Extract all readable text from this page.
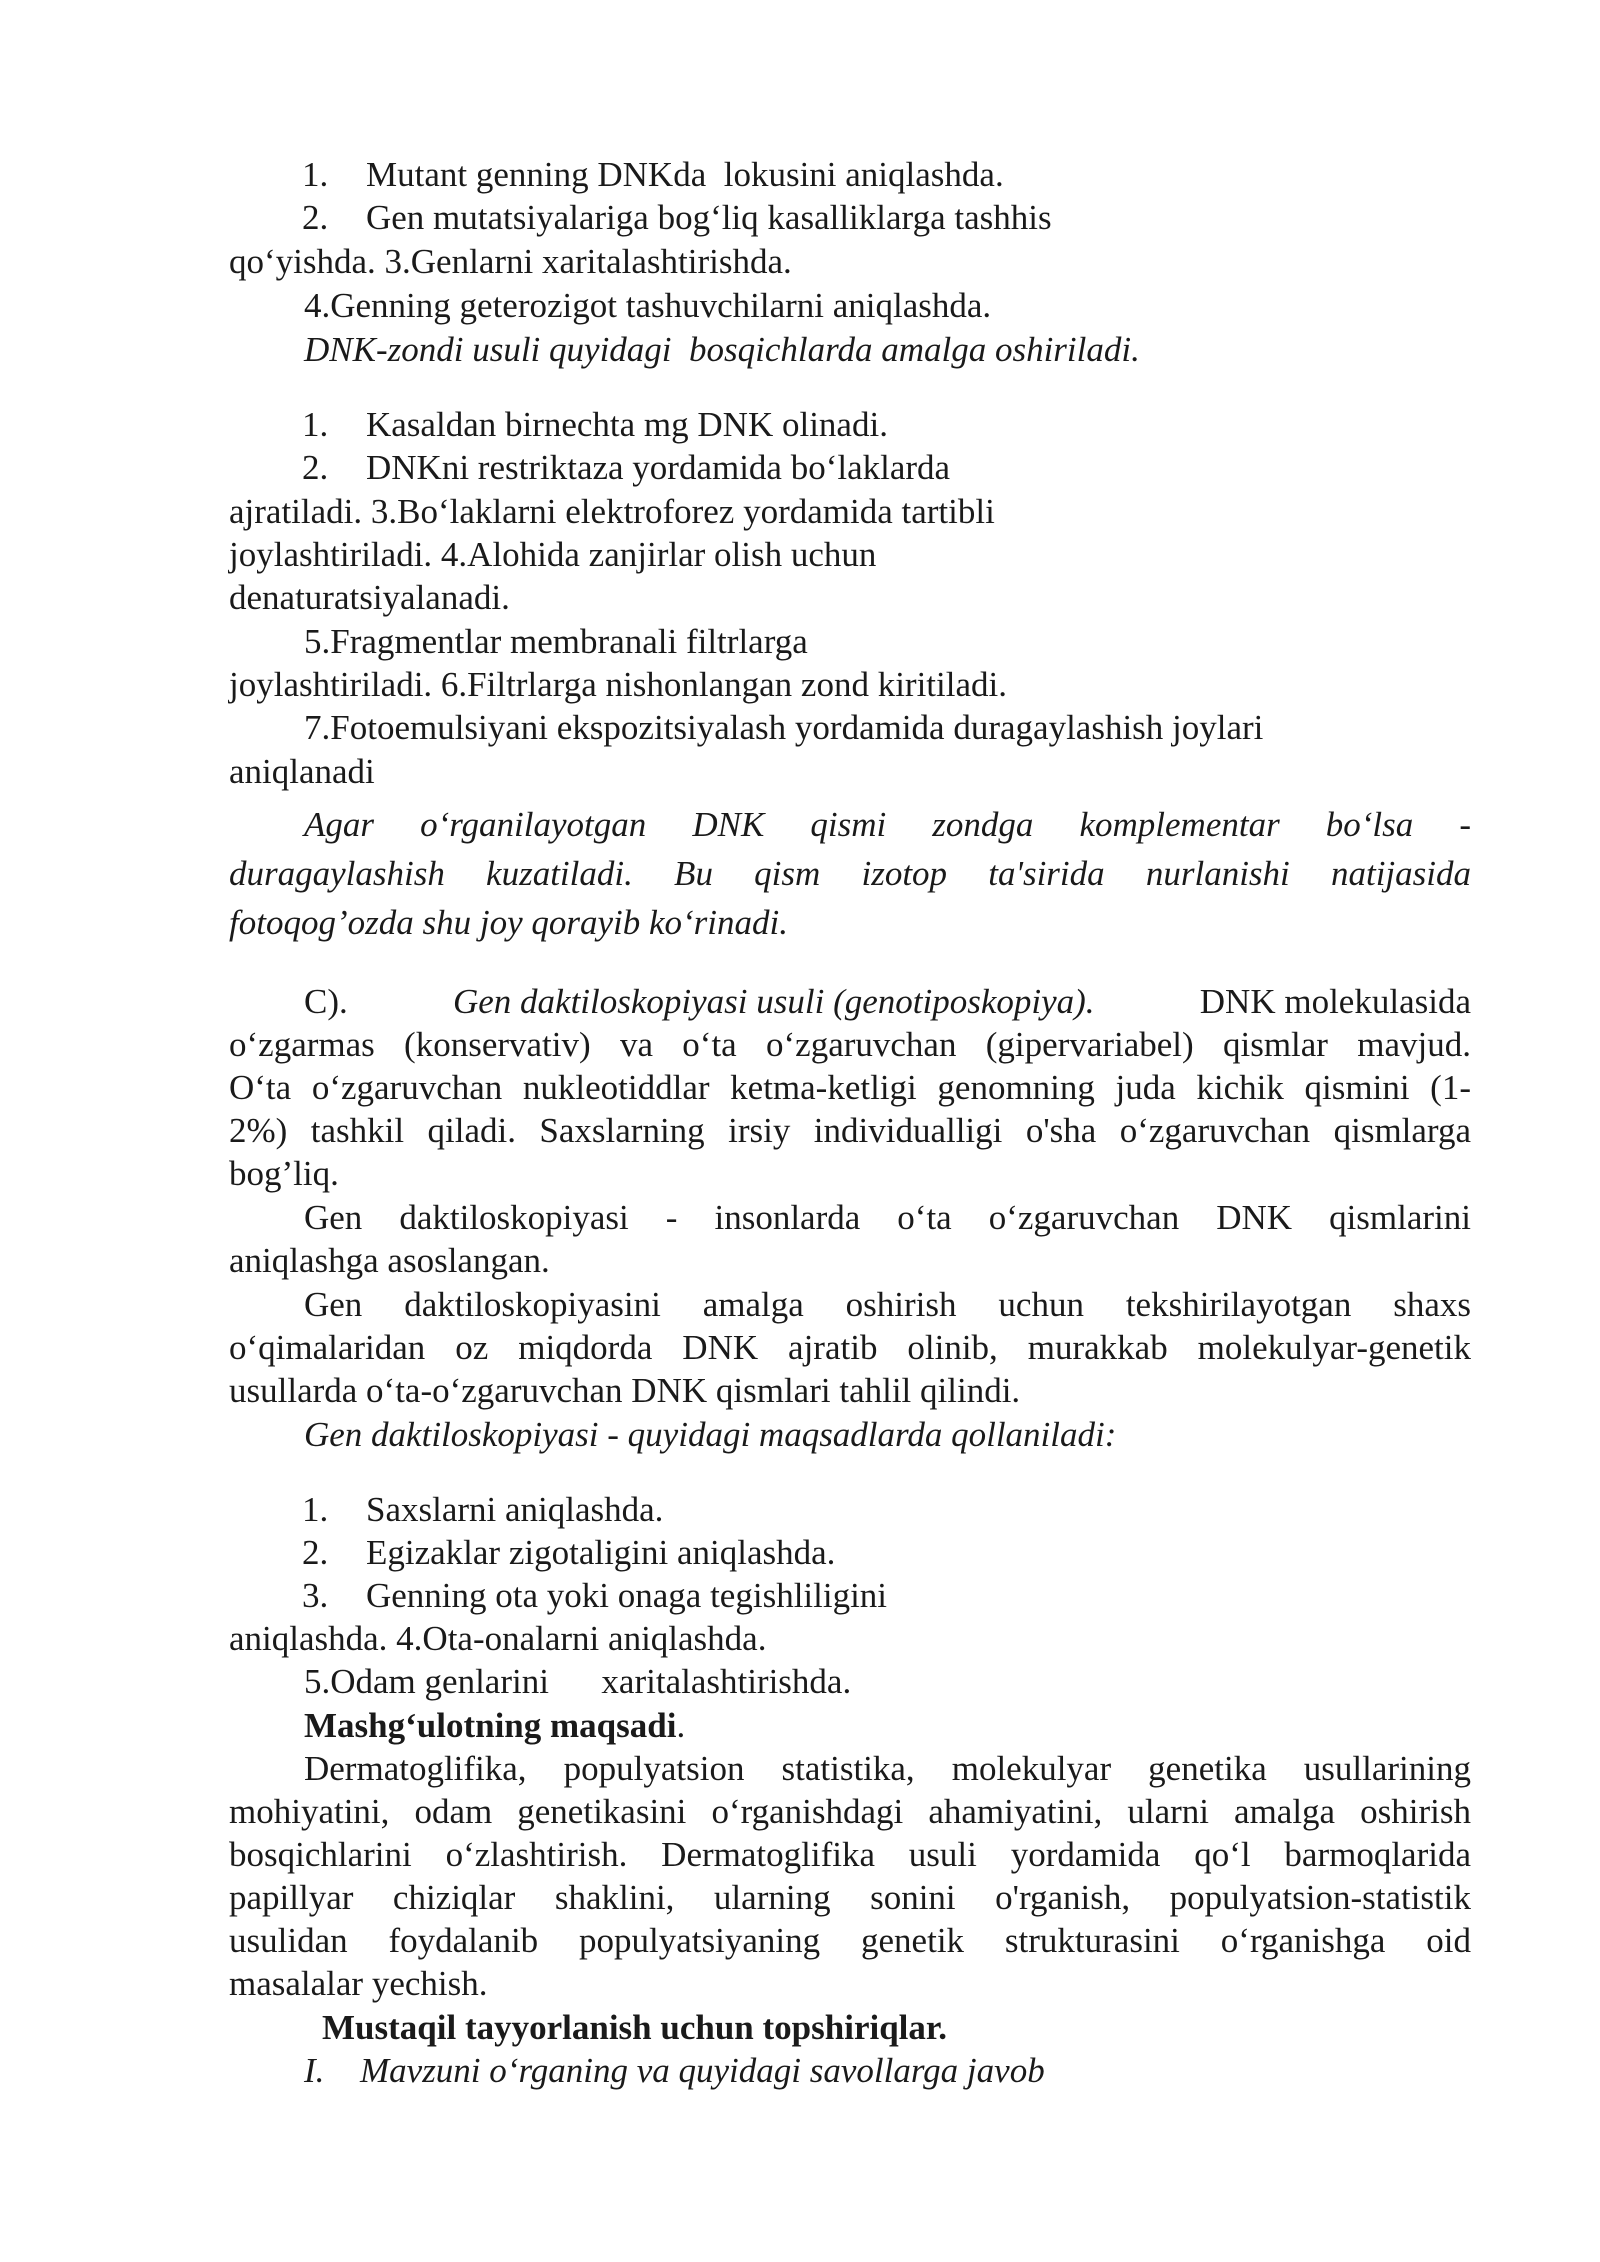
1. Mutant genning DNKda  lokusini aniqlashda.
2. Gen mutatsiyalariga bog‘liq kasalliklarga tashhis
qo‘yishda. 3.Genlarni xaritalashtirishda.
4.Genning geterozigot tashuvchilarni aniqlashda.
DNK-zondi usuli quyidagi  bosqichlarda amalga oshiriladi.
1. Kasaldan birnechta mg DNK olinadi.
2. DNKni restriktaza yordamida bo‘laklarda
ajratiladi. 3.Bo‘laklarni elektroforez yordamida tartibli
joylashtiriladi. 4.Alohida zanjirlar olish uchun
denaturatsiyalanadi.
5.Fragmentlar membranali filtrlarga
joylashtiriladi. 6.Filtrlarga nishonlangan zond kiritiladi.
7.Fotoemulsiyani ekspozitsiyalash yordamida duragaylashish joylari
aniqlanadi
Agar o‘rganilayotgan DNK qismi zondga komplementar bo‘lsa -
duragaylashish kuzatiladi. Bu qism izotop ta'sirida nurlanishi natijasida
fotoqog’ozda shu joy qorayib ko‘rinadi.
C).	Gen daktiloskopiyasi usuli (genotiposkopiya).	DNK molekulasida
o‘zgarmas (konservativ) va o‘ta o‘zgaruvchan (gipervariabel) qismlar mavjud.
O‘ta o‘zgaruvchan nukleotiddlar ketma-ketligi genomning juda kichik qismini (1-
2%) tashkil qiladi. Saxslarning irsiy individualligi o'sha o‘zgaruvchan qismlarga
bog’liq.
Gen daktiloskopiyasi - insonlarda o‘ta o‘zgaruvchan DNK qismlarini
aniqlashga asoslangan.
Gen daktiloskopiyasini amalga oshirish uchun tekshirilayotgan shaxs
o‘qimalaridan oz miqdorda DNK ajratib olinib, murakkab molekulyar-genetik
usullarda o‘ta-o‘zgaruvchan DNK qismlari tahlil qilindi.
Gen daktiloskopiyasi - quyidagi maqsadlarda qollaniladi:
1. Saxslarni aniqlashda.
2. Egizaklar zigotaligini aniqlashda.
3. Genning ota yoki onaga tegishliligini
aniqlashda. 4.Ota-onalarni aniqlashda.
5.Odam genlarini      xaritalashtirishda.
Mashg‘ulotning maqsadi.
Dermatoglifika, populyatsion statistika, molekulyar genetika usullarining
mohiyatini, odam genetikasini o‘rganishdagi ahamiyatini, ularni amalga oshirish
bosqichlarini o‘zlashtirish. Dermatoglifika usuli yordamida qo‘l barmoqlarida
papillyar chiziqlar shaklini, ularning sonini o'rganish, populyatsion-statistik
usulidan foydalanib populyatsiyaning genetik strukturasini o‘rganishga oid
masalalar yechish.
Mustaqil tayyorlanish uchun topshiriqlar.
I. Mavzuni o‘rganing va quyidagi savollarga javob
